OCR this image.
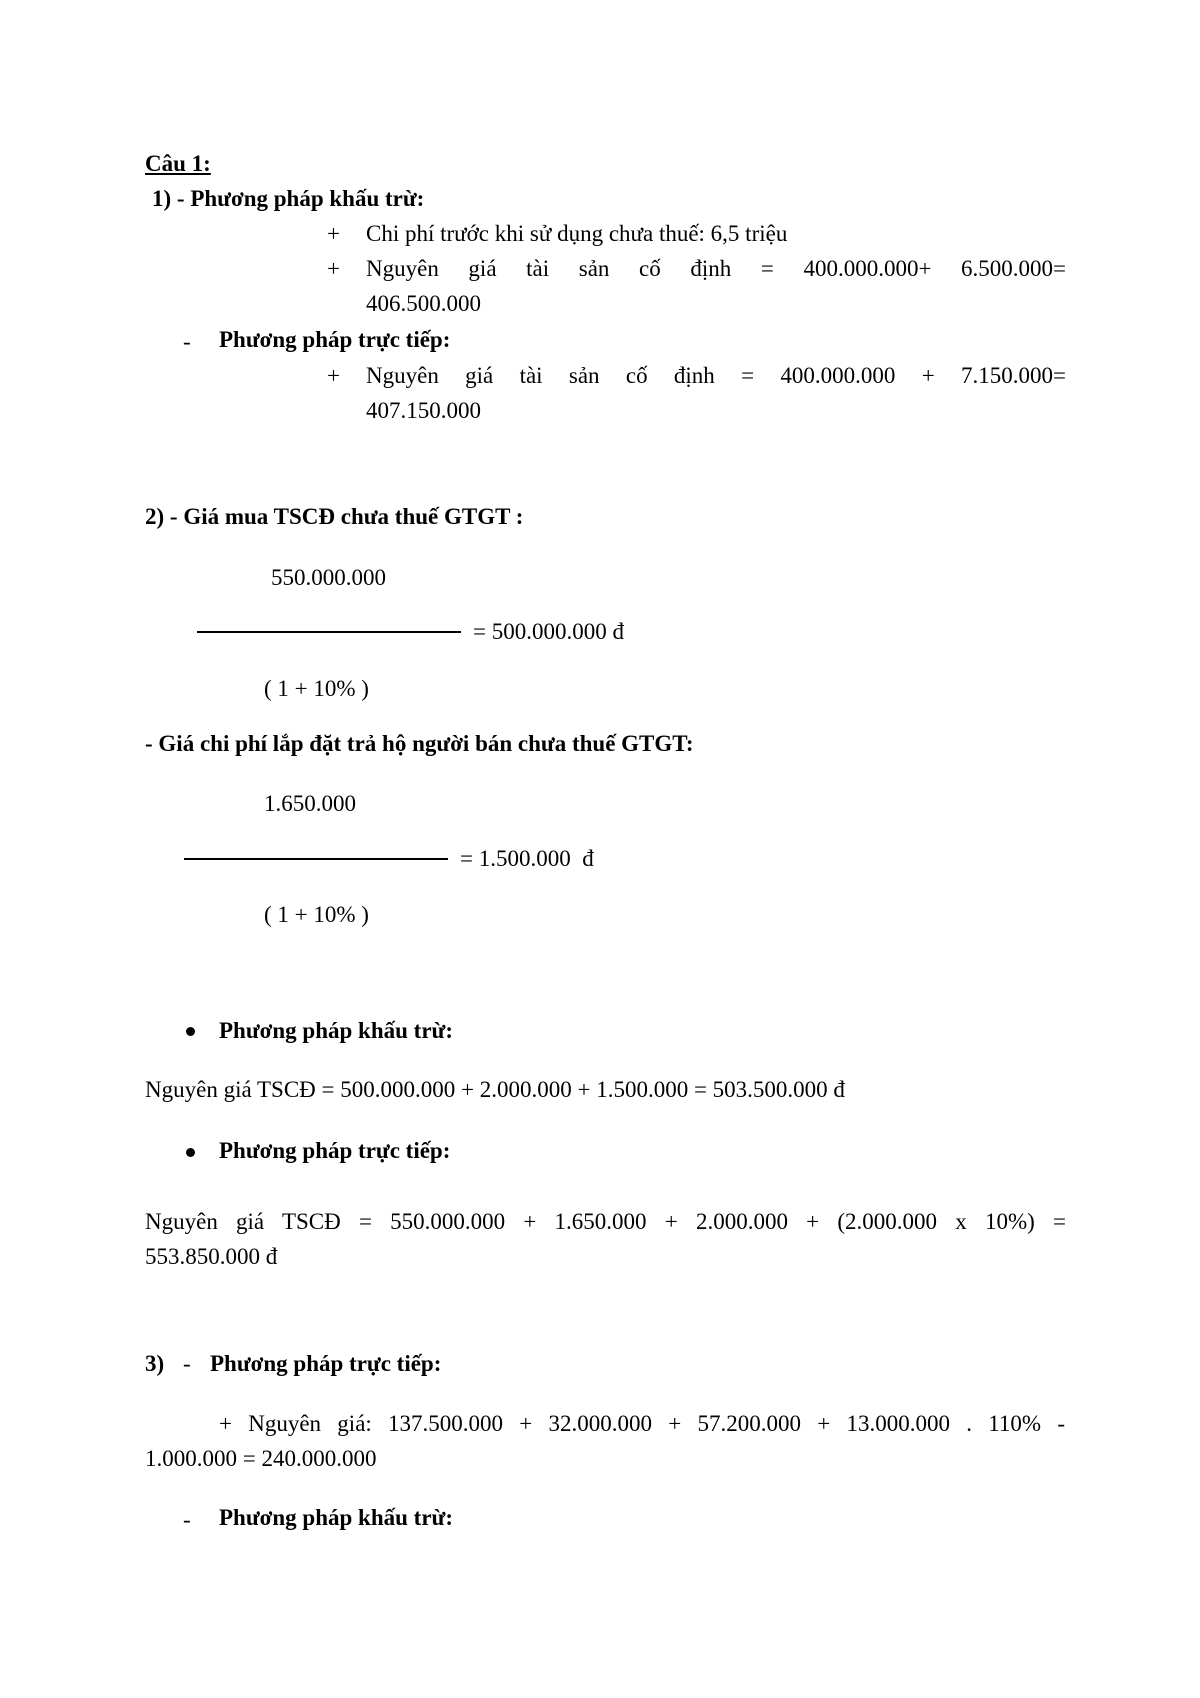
Câu 1:
1) - Phương pháp khấu trừ:
+ Chi phí trước khi sử dụng chưa thuế: 6,5 triệu
+ Nguyên giá tài sản cố định = 400.000.000+ 6.500.000=
406.500.000
- Phương pháp trực tiếp:
+ Nguyên giá tài sản cố định = 400.000.000 + 7.150.000=
407.150.000
2) - Giá mua TSCĐ chưa thuế GTGT :
550.000.000
= 500.000.000 đ
( 1 + 10% )
- Giá chi phí lắp đặt trả hộ người bán chưa thuế GTGT:
1.650.000
= 1.500.000  đ
( 1 + 10% )
Phương pháp khấu trừ:
Nguyên giá TSCĐ = 500.000.000 + 2.000.000 + 1.500.000 = 503.500.000 đ
Phương pháp trực tiếp:
Nguyên giá TSCĐ = 550.000.000 + 1.650.000 + 2.000.000 + (2.000.000 x 10%) =
553.850.000 đ
3) - Phương pháp trực tiếp:
+ Nguyên giá: 137.500.000 + 32.000.000 + 57.200.000 + 13.000.000 . 110% -
1.000.000 = 240.000.000
- Phương pháp khấu trừ:
